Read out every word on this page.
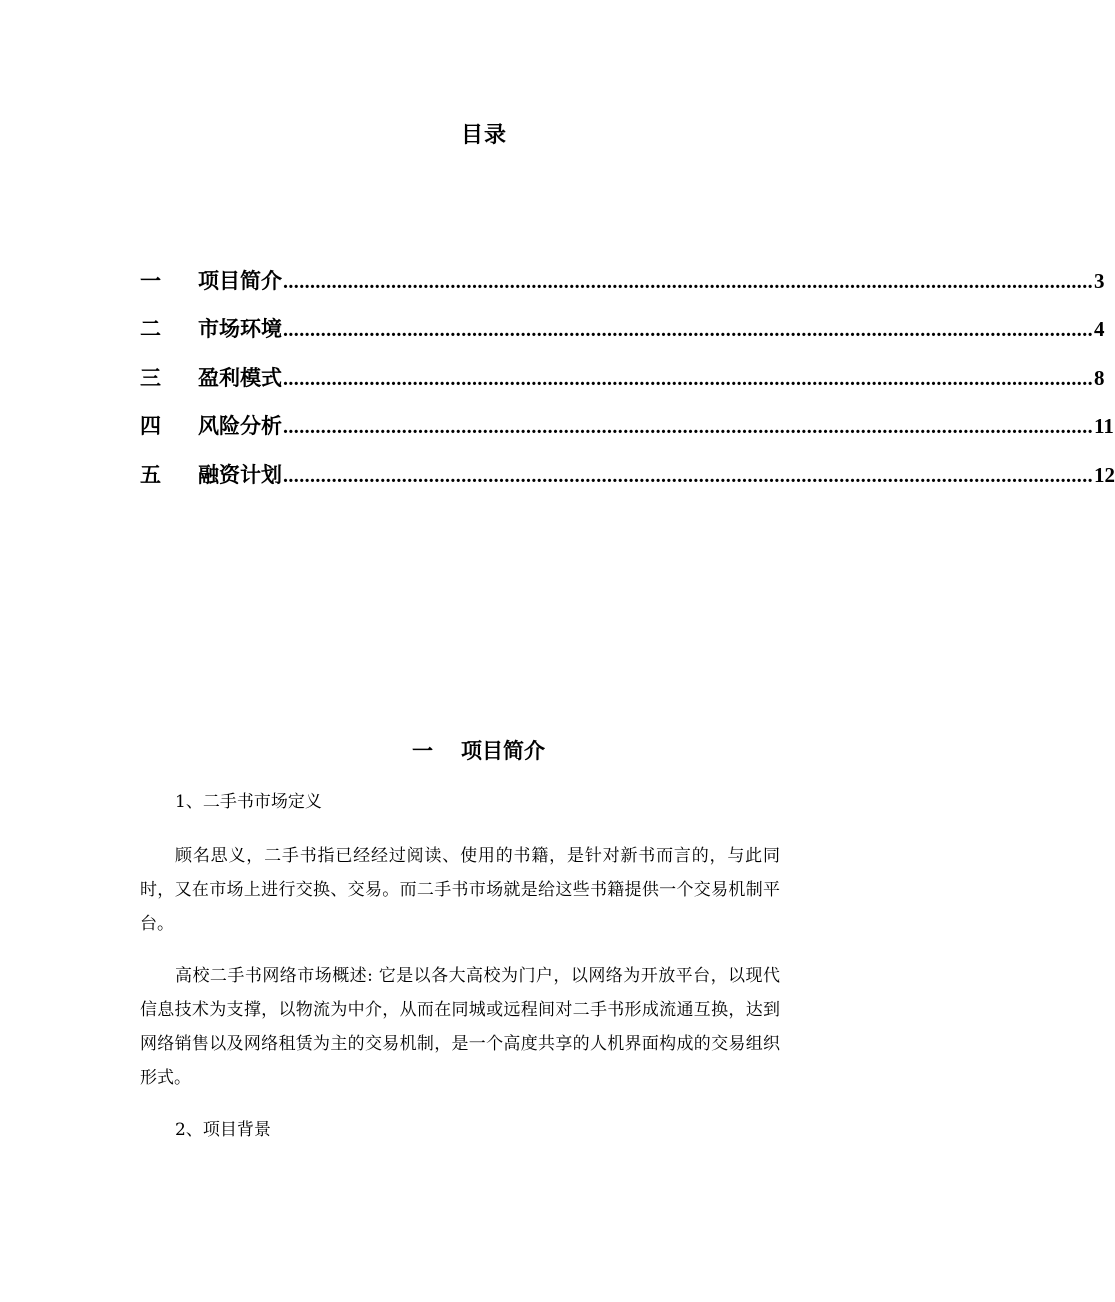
目录
一	项目简介 ...................................................................................................................................................... 3
二	市场环境 ...................................................................................................................................................... 4
三	盈利模式 ...................................................................................................................................................... 8
四	风险分析 ...................................................................................................................................................... 11
五	融资计划 ...................................................................................................................................................... 12
一 项目简介
1、二手书市场定义
顾名思义，二手书指已经经过阅读、使用的书籍，是针对新书而言的，与此同时，又在市场上进行交换、交易。而二手书市场就是给这些书籍提供一个交易机制平台。
高校二手书网络市场概述: 它是以各大高校为门户，以网络为开放平台，以现代信息技术为支撑，以物流为中介，从而在同城或远程间对二手书形成流通互换，达到网络销售以及网络租赁为主的交易机制，是一个高度共享的人机界面构成的交易组织形式。
2、项目背景
